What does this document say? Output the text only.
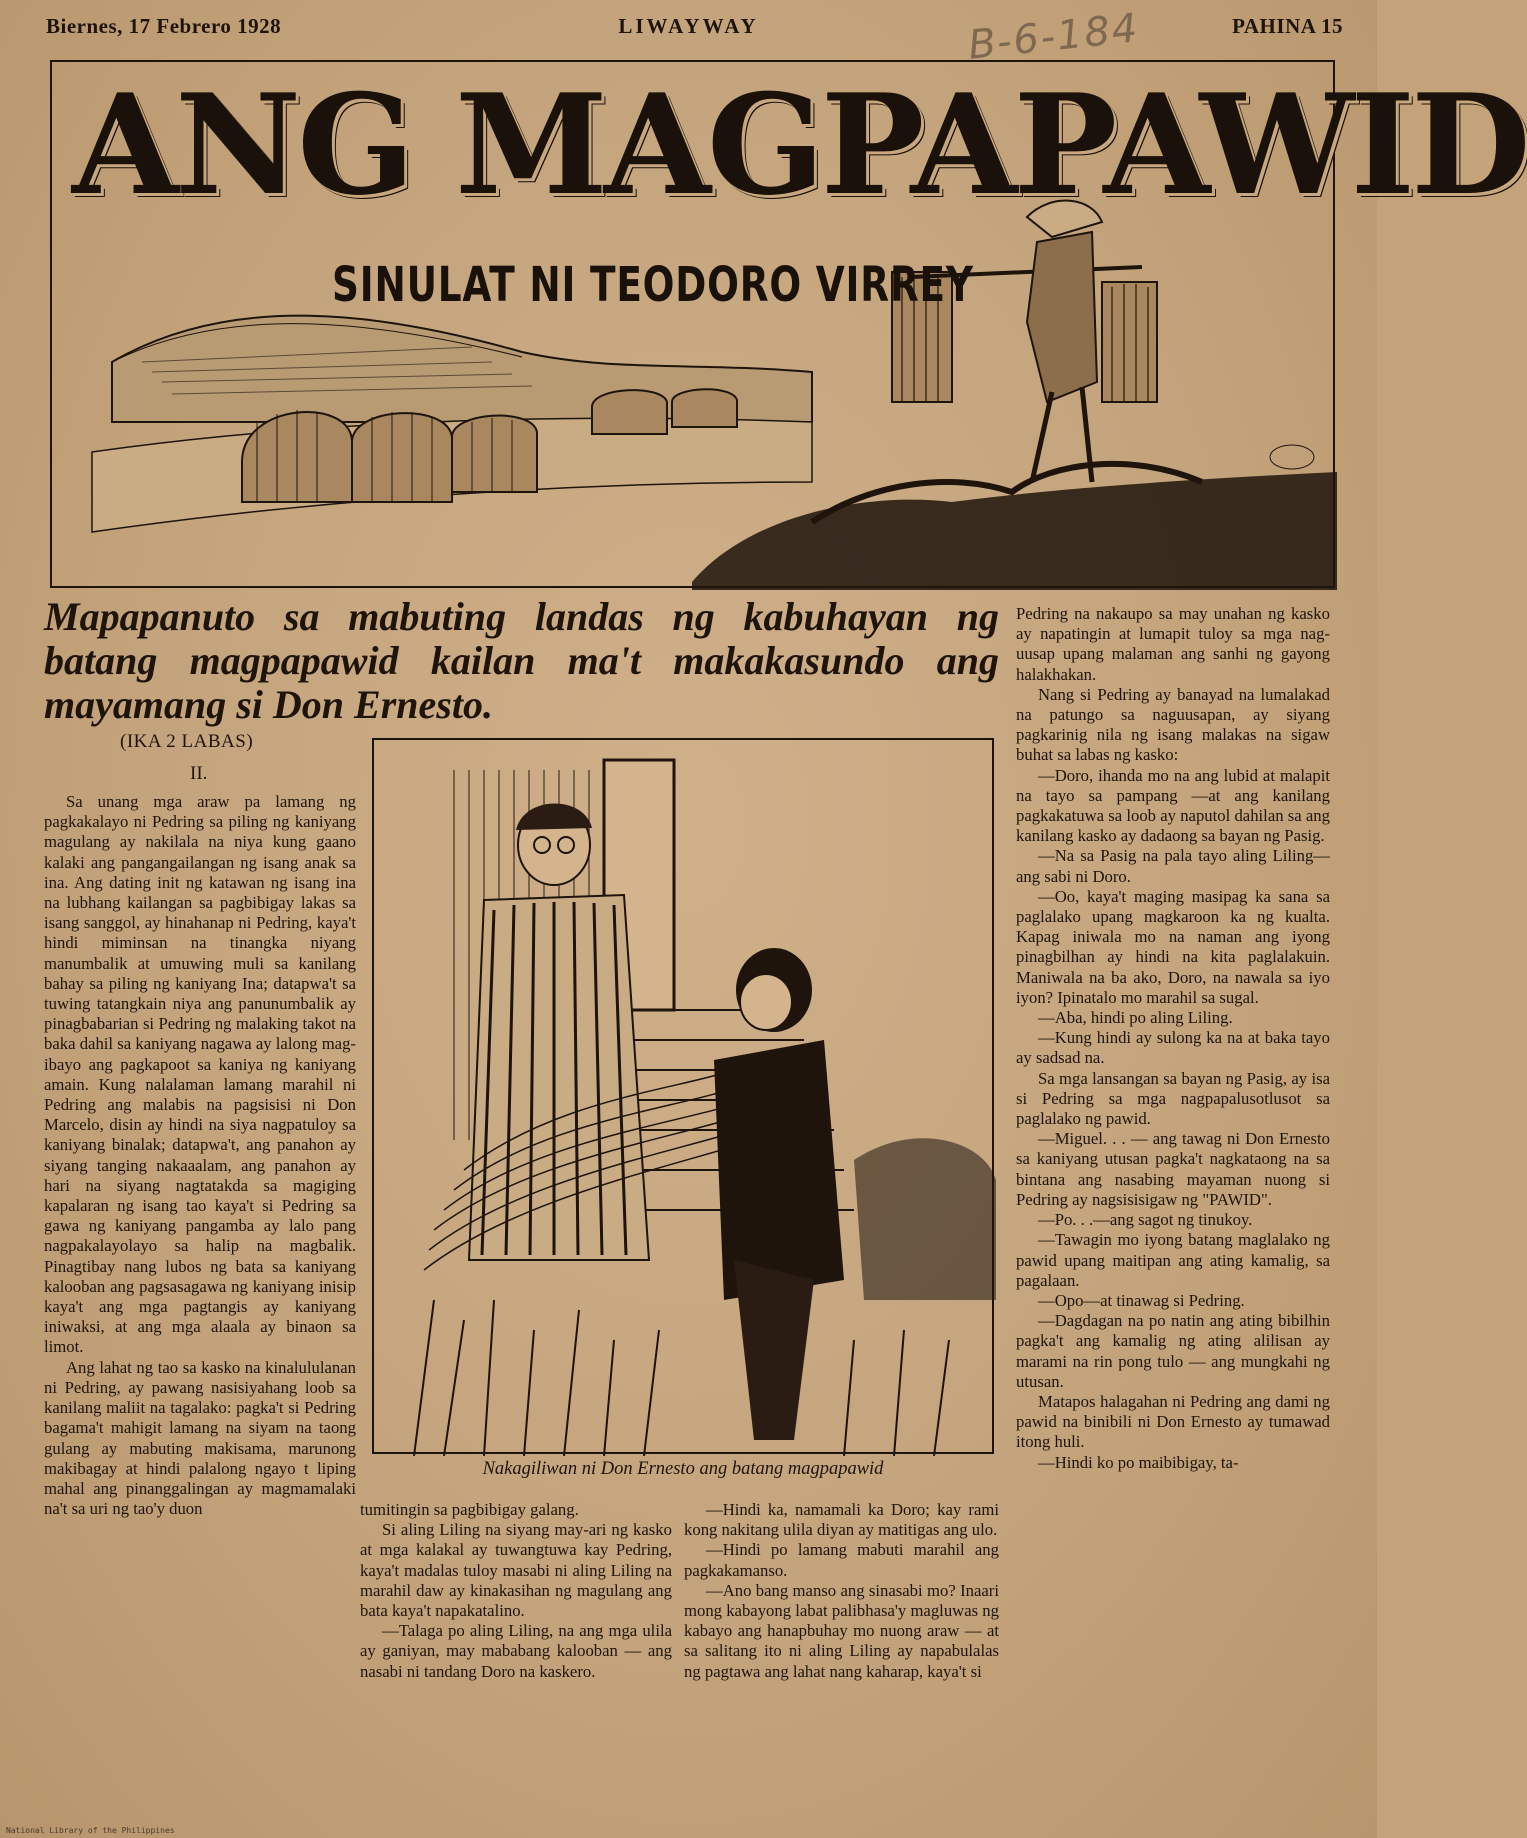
Biernes, 17 Febrero 1928	LIWAYWAY	PAHINA 15
B-6-184
ANG MAGPAPAWID
SINULAT NI TEODORO VIRREY

Mapapanuto sa mabuting landas ng kabuhayan ng batang magpapawid kailan ma't makakasundo ang mayamang si Don Ernesto.

(IKA 2 LABAS)
II.

Sa unang mga araw pa lamang ng pagkakalayo ni Pedring sa piling ng kaniyang magulang ay nakilala na niya kung gaano kalaki ang pangangailangan ng isang anak sa ina. Ang dating init ng katawan ng isang ina na lubhang kailangan sa pagbibigay lakas sa isang sanggol, ay hinahanap ni Pedring, kaya't hindi miminsan na tinangka niyang manumbalik at umuwing muli sa kanilang bahay sa piling ng kaniyang Ina; datapwa't sa tuwing tatangkain niya ang panunumbalik ay pinagbabarian si Pedring ng malaking takot na baka dahil sa kaniyang nagawa ay lalong mag-ibayo ang pagkapoot sa kaniya ng kaniyang amain. Kung nalalaman lamang marahil ni Pedring ang malabis na pagsisisi ni Don Marcelo, disin ay hindi na siya nagpatuloy sa kaniyang binalak; datapwa't, ang panahon ay siyang tanging nakaaalam, ang panahon ay hari na siyang nagtatakda sa magiging kapalaran ng isang tao kaya't si Pedring sa gawa ng kaniyang pangamba ay lalo pang nagpakalayolayo sa halip na magbalik. Pinagtibay nang lubos ng bata sa kaniyang kalooban ang pagsasagawa ng kaniyang inisip kaya't ang mga pagtangis ay kaniyang iniwaksi, at ang mga alaala ay binaon sa limot.

Ang lahat ng tao sa kasko na kinalululanan ni Pedring, ay pawang nasisiyahang loob sa kanilang maliit na tagalako: pagka't si Pedring bagama't mahigit lamang na siyam na taong gulang ay mabuting makisama, marunong makibagay at hindi palalong ngayo t liping mahal ang pinanggalingan ay magmamalaki na't sa uri ng tao'y duon

Nakagiliwan ni Don Ernesto ang batang magpapawid

tumitingin sa pagbibigay galang.

Si aling Liling na siyang may-ari ng kasko at mga kalakal ay tuwangtuwa kay Pedring, kaya't madalas tuloy masabi ni aling Liling na marahil daw ay kinakasihan ng magulang ang bata kaya't napakatalino.

—Talaga po aling Liling, na ang mga ulila ay ganiyan, may mababang kalooban — ang nasabi ni tandang Doro na kaskero.

—Hindi ka, namamali ka Doro; kay rami kong nakitang ulila diyan ay matitigas ang ulo.

—Hindi po lamang mabuti marahil ang pagkakamanso.

—Ano bang manso ang sinasabi mo? Inaari mong kabayong labat palibhasa'y magluwas ng kabayo ang hanapbuhay mo nuong araw — at sa salitang ito ni aling Liling ay napabulalas ng pagtawa ang lahat nang kaharap, kaya't si

Pedring na nakaupo sa may unahan ng kasko ay napatingin at lumapit tuloy sa mga nag-uusap upang malaman ang sanhi ng gayong halakhakan.

Nang si Pedring ay banayad na lumalakad na patungo sa naguusapan, ay siyang pagkarinig nila ng isang malakas na sigaw buhat sa labas ng kasko:

—Doro, ihanda mo na ang lubid at malapit na tayo sa pampang —at ang kanilang pagkakatuwa sa loob ay naputol dahilan sa ang kanilang kasko ay dadaong sa bayan ng Pasig.

—Na sa Pasig na pala tayo aling Liling—ang sabi ni Doro.

—Oo, kaya't maging masipag ka sana sa paglalako upang magkaroon ka ng kualta. Kapag iniwala mo na naman ang iyong pinagbilhan ay hindi na kita paglalakuin. Maniwala na ba ako, Doro, na nawala sa iyo iyon? Ipinatalo mo marahil sa sugal.

—Aba, hindi po aling Liling.

—Kung hindi ay sulong ka na at baka tayo ay sadsad na.

Sa mga lansangan sa bayan ng Pasig, ay isa si Pedring sa mga nagpapalusotlusot sa paglalako ng pawid.

—Miguel. . . — ang tawag ni Don Ernesto sa kaniyang utusan pagka't nagkataong na sa bintana ang nasabing mayaman nuong si Pedring ay nagsisisigaw ng "PAWID".

—Po. . .—ang sagot ng tinukoy.

—Tawagin mo iyong batang maglalako ng pawid upang maitipan ang ating kamalig, sa pagalaan.

—Opo—at tinawag si Pedring.

—Dagdagan na po natin ang ating bibilhin pagka't ang kamalig ng ating alilisan ay marami na rin pong tulo — ang mungkahi ng utusan.

Matapos halagahan ni Pedring ang dami ng pawid na binibili ni Don Ernesto ay tumawad itong huli.

—Hindi ko po maibibigay, ta-

National Library of the Philippines
